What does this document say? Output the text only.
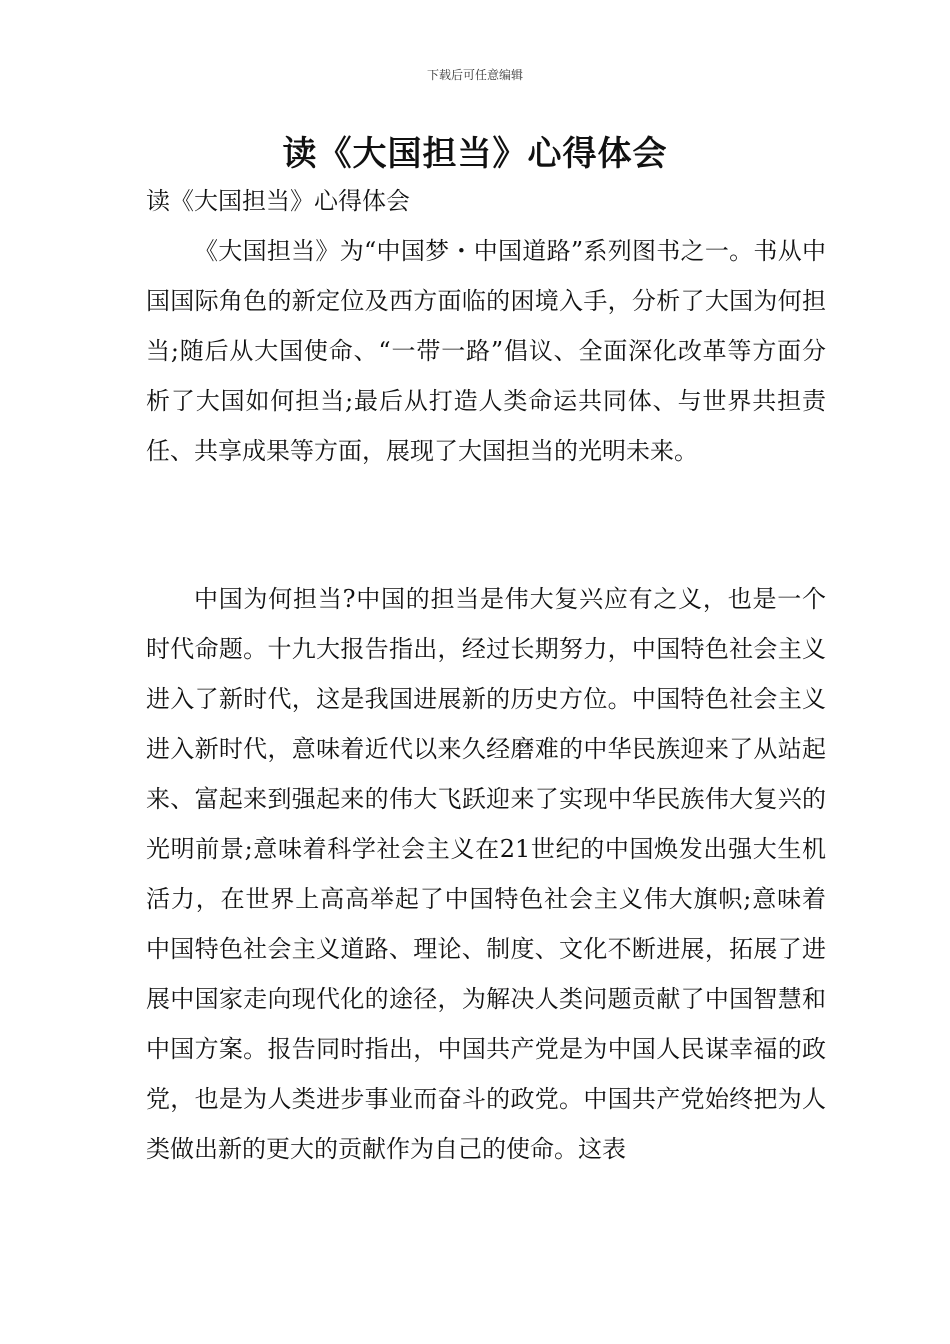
下载后可任意编辑
读《大国担当》心得体会

读《大国担当》心得体会

《大国担当》为“中国梦・中国道路”系列图书之一。书从中国国际角色的新定位及西方面临的困境入手，分析了大国为何担当;随后从大国使命、“一带一路”倡议、全面深化改革等方面分析了大国如何担当;最后从打造人类命运共同体、与世界共担责任、共享成果等方面，展现了大国担当的光明未来。

中国为何担当?中国的担当是伟大复兴应有之义，也是一个时代命题。十九大报告指出，经过长期努力，中国特色社会主义进入了新时代，这是我国进展新的历史方位。中国特色社会主义进入新时代，意味着近代以来久经磨难的中华民族迎来了从站起来、富起来到强起来的伟大飞跃迎来了实现中华民族伟大复兴的光明前景;意味着科学社会主义在21世纪的中国焕发出强大生机活力，在世界上高高举起了中国特色社会主义伟大旗帜;意味着中国特色社会主义道路、理论、制度、文化不断进展，拓展了进展中国家走向现代化的途径，为解决人类问题贡献了中国智慧和中国方案。报告同时指出，中国共产党是为中国人民谋幸福的政党，也是为人类进步事业而奋斗的政党。中国共产党始终把为人类做出新的更大的贡献作为自己的使命。这表
